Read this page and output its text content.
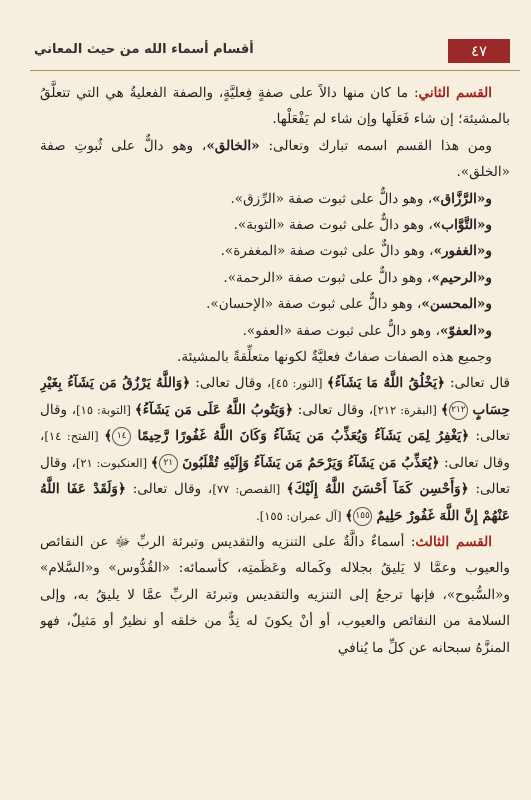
٤٧
أقسام أسماء الله من حيث المعاني

القسم الثاني: ما كان منها دالاً على صفةٍ فِعليَّةٍ، والصفة الفعليةُ هي التي تتعلَّقُ بالمشيئة؛ إن شاء فَعَلَها وإن شاء لم يَفْعَلْها.

ومن هذا القسم اسمه تبارك وتعالى: «الخالق»، وهو دالٌّ على ثُبوتِ صفة «الخلق».

و«الرَّزَّاق»، وهو دالٌّ على ثبوت صفة «الرِّزق».

و«التَّوَّاب»، وهو دالٌّ على ثبوت صفة «التوبة».

و«الغفور»، وهو دالٌّ على ثبوت صفة «المغفرة».

و«الرحيم»، وهو دالٌّ على ثبوت صفة «الرحمة».

و«المحسن»، وهو دالٌّ على ثبوت صفة «الإحسان».

و«العفوّ»، وهو دالٌّ على ثبوت صفة «العفو».

وجميع هذه الصفات صفاتٌ فعليَّةٌ لكونها متعلِّقةً بالمشيئة.

قال تعالى: ﴿يَخْلُقُ اللَّهُ مَا يَشَآءُ﴾ [النور: ٤٥]، وقال تعالى: ﴿وَاللَّهُ يَرْزُقُ مَن يَشَآءُ بِغَيْرِ حِسَابٍ ٢١٢﴾ [البقرة: ٢١٢]، وقال تعالى: ﴿وَيَتُوبُ اللَّهُ عَلَى مَن يَشَآءُ﴾ [التوبة: ١٥]، وقال تعالى: ﴿يَغْفِرُ لِمَن يَشَآءُ وَيُعَذِّبُ مَن يَشَآءُ وَكَانَ اللَّهُ غَفُورًا رَّحِيمًا ١٤﴾ [الفتح: ١٤]، وقال تعالى: ﴿يُعَذِّبُ مَن يَشَآءُ وَيَرْحَمُ مَن يَشَآءُ وَإِلَيْهِ تُقْلَبُونَ ٢١﴾ [العنكبوت: ٢١]، وقال تعالى: ﴿وَأَحْسِن كَمَآ أَحْسَنَ اللَّهُ إِلَيْكَ﴾ [القصص: ٧٧]، وقال تعالى: ﴿وَلَقَدْ عَفَا اللَّهُ عَنْهُمْ إِنَّ اللَّهَ غَفُورٌ حَلِيمٌ ١٥٥﴾ [آل عمران: ١٥٥].

القسم الثالث: أسماءٌ دالَّةٌ على التنزيه والتقديس وتبرئة الربِّ ﷻ عن النقائص والعيوب وعمَّا لا يَليقُ بجلاله وكَماله وعَظَمتِه، كأسمائه: «القُدُّوس» و«السَّلام» و«السُّبوح»، فإنها ترجعُ إلى التنزيه والتقديس وتبرئة الربِّ عمَّا لا يليقُ به، وإلى السلامة من النقائص والعيوب، أو أنْ يكونَ له نِدٌّ من خلقه أو نظيرٌ أو مَثيلٌ، فهو المنزَّهُ سبحانه عن كلِّ ما يُنافي
